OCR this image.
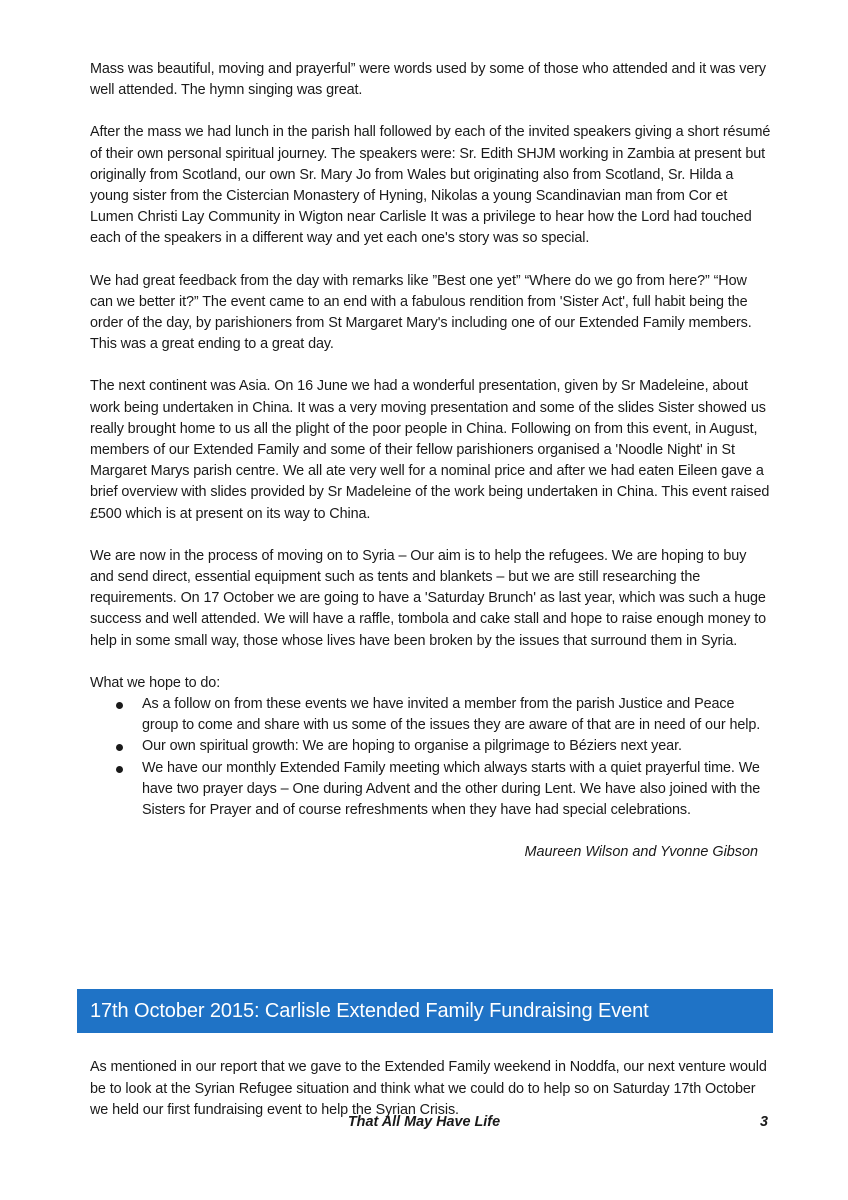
Mass was beautiful, moving and prayerful” were words used by some of those who attended and it was very well attended. The hymn singing was great.

After the mass we had lunch in the parish hall followed by each of the invited speakers giving a short résumé of their own personal spiritual journey. The speakers were: Sr. Edith SHJM working in Zambia at present but originally from Scotland, our own Sr. Mary Jo from Wales but originating also from Scotland, Sr. Hilda a young sister from the Cistercian Monastery of Hyning, Nikolas a young Scandinavian man from Cor et Lumen Christi Lay Community in Wigton near Carlisle It was a privilege to hear how the Lord had touched each of the speakers in a different way and yet each one's story was so special.

We had great feedback from the day with remarks like ”Best one yet” “Where do we go from here?” “How can we better it?” The event came to an end with a fabulous rendition from 'Sister Act', full habit being the order of the day, by parishioners from St Margaret Mary's including one of our Extended Family members. This was a great ending to a great day.

The next continent was Asia. On 16 June we had a wonderful presentation, given by Sr Madeleine, about work being undertaken in China. It was a very moving presentation and some of the slides Sister showed us really brought home to us all the plight of the poor people in China. Following on from this event, in August, members of our Extended Family and some of their fellow parishioners organised a 'Noodle Night' in St Margaret Marys parish centre. We all ate very well for a nominal price and after we had eaten Eileen gave a brief overview with slides provided by Sr Madeleine of the work being undertaken in China. This event raised £500 which is at present on its way to China.

We are now in the process of moving on to Syria – Our aim is to help the refugees. We are hoping to buy and send direct, essential equipment such as tents and blankets – but we are still researching the requirements. On 17 October we are going to have a 'Saturday Brunch' as last year, which was such a huge success and well attended. We will have a raffle, tombola and cake stall and hope to raise enough money to help in some small way, those whose lives have been broken by the issues that surround them in Syria.

What we hope to do:

As a follow on from these events we have invited a member from the parish Justice and Peace group to come and share with us some of the issues they are aware of that are in need of our help.
Our own spiritual growth: We are hoping to organise a pilgrimage to Béziers next year.
We have our monthly Extended Family meeting which always starts with a quiet prayerful time. We have two prayer days – One during Advent and the other during Lent. We have also joined with the Sisters for Prayer and of course refreshments when they have had special celebrations.

Maureen Wilson and Yvonne Gibson

17th October 2015: Carlisle Extended Family Fundraising Event

As mentioned in our report that we gave to the Extended Family weekend in Noddfa, our next venture would be to look at the Syrian Refugee situation and think what we could do to help so on Saturday 17th October we held our first fundraising event to help the Syrian Crisis.

That All May Have Life	3
